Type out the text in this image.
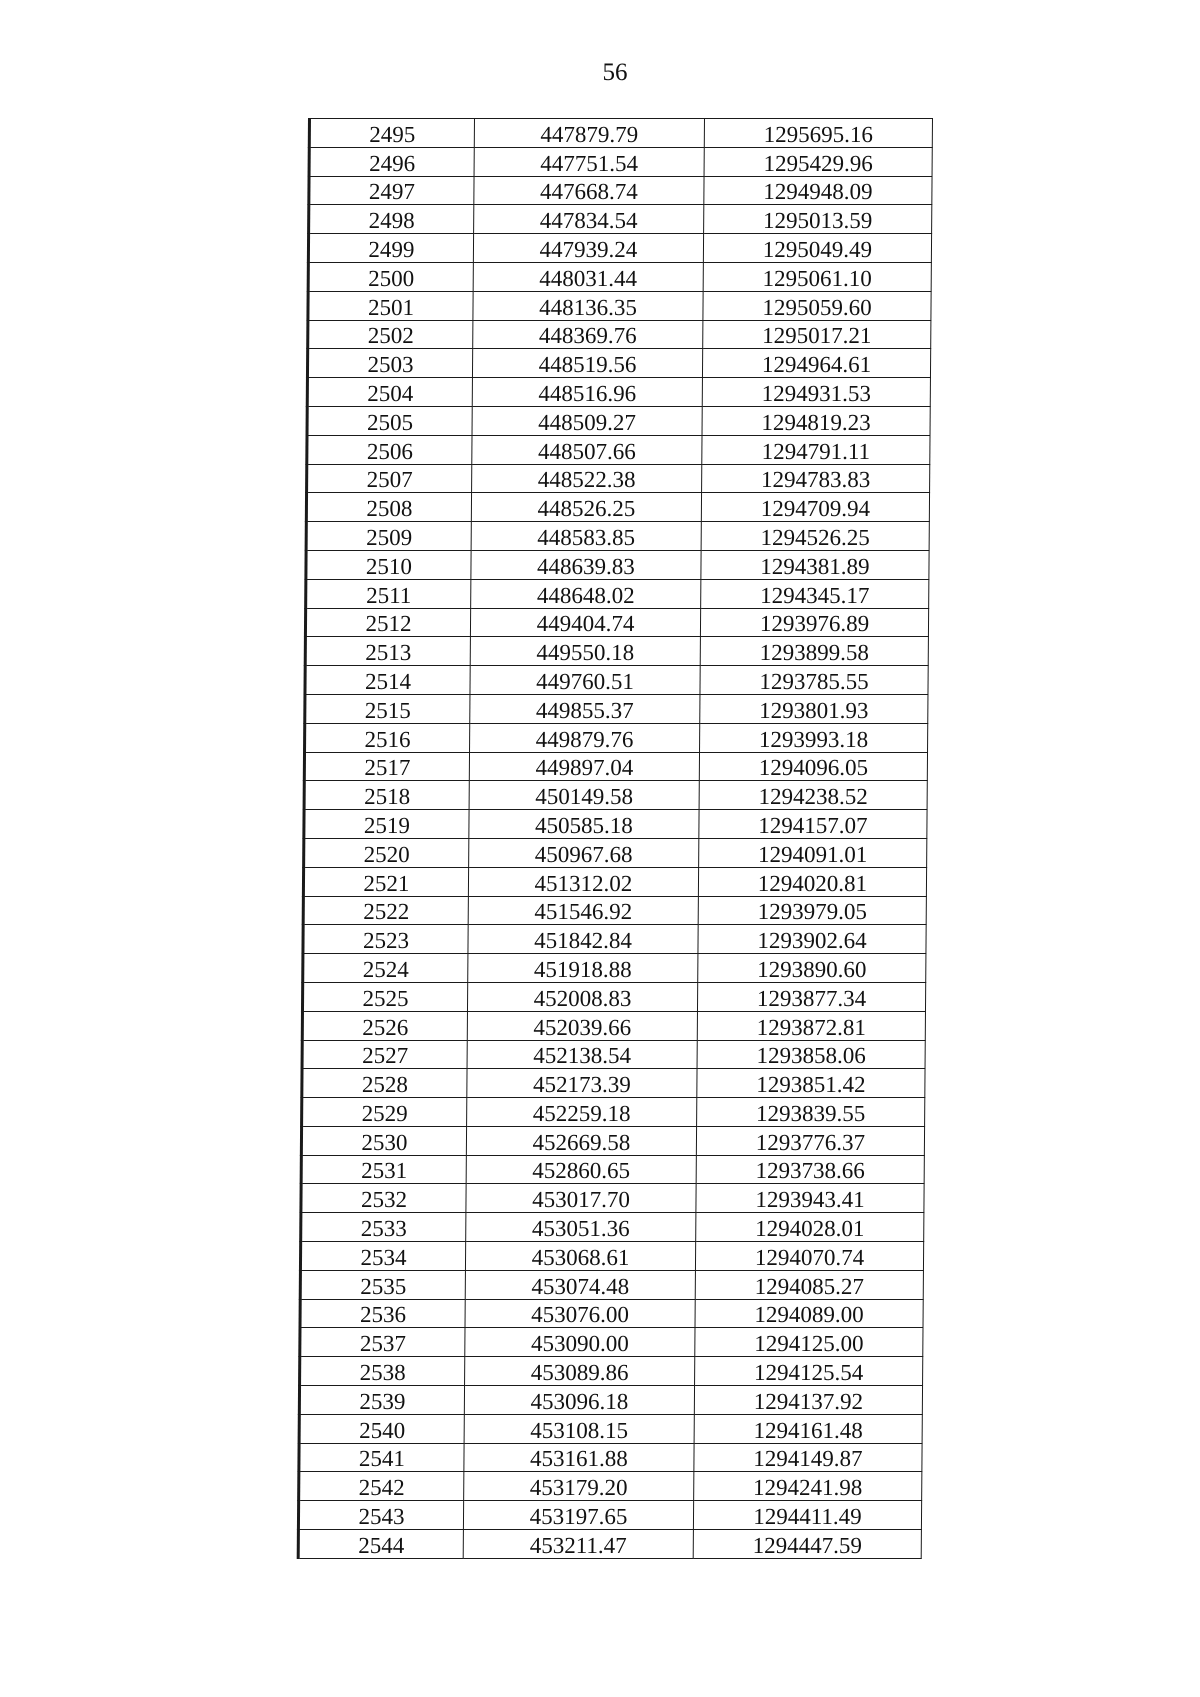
56
2495	447879.79	1295695.16
2496	447751.54	1295429.96
2497	447668.74	1294948.09
2498	447834.54	1295013.59
2499	447939.24	1295049.49
2500	448031.44	1295061.10
2501	448136.35	1295059.60
2502	448369.76	1295017.21
2503	448519.56	1294964.61
2504	448516.96	1294931.53
2505	448509.27	1294819.23
2506	448507.66	1294791.11
2507	448522.38	1294783.83
2508	448526.25	1294709.94
2509	448583.85	1294526.25
2510	448639.83	1294381.89
2511	448648.02	1294345.17
2512	449404.74	1293976.89
2513	449550.18	1293899.58
2514	449760.51	1293785.55
2515	449855.37	1293801.93
2516	449879.76	1293993.18
2517	449897.04	1294096.05
2518	450149.58	1294238.52
2519	450585.18	1294157.07
2520	450967.68	1294091.01
2521	451312.02	1294020.81
2522	451546.92	1293979.05
2523	451842.84	1293902.64
2524	451918.88	1293890.60
2525	452008.83	1293877.34
2526	452039.66	1293872.81
2527	452138.54	1293858.06
2528	452173.39	1293851.42
2529	452259.18	1293839.55
2530	452669.58	1293776.37
2531	452860.65	1293738.66
2532	453017.70	1293943.41
2533	453051.36	1294028.01
2534	453068.61	1294070.74
2535	453074.48	1294085.27
2536	453076.00	1294089.00
2537	453090.00	1294125.00
2538	453089.86	1294125.54
2539	453096.18	1294137.92
2540	453108.15	1294161.48
2541	453161.88	1294149.87
2542	453179.20	1294241.98
2543	453197.65	1294411.49
2544	453211.47	1294447.59
